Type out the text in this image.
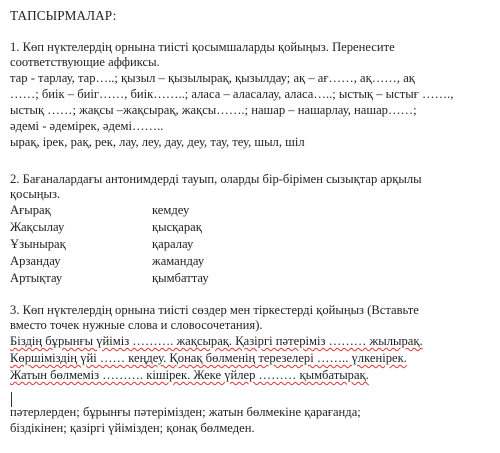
ТАПСЫРМАЛАР:
1. Көп нүктелердің орнына тиісті қосымшаларды қойыңыз. Перенесите
соответствующие аффиксы.
тар - тарлау, тар…..; қызыл – қызылырақ, қызылдау; ақ – ағ……, ақ……, ақ
……; биік – биіг……, биік……..; аласа – аласалау, аласа…..; ыстық – ыстығ …….,
ыстық ……; жақсы –жақсырақ, жақсы…….; нашар – нашарлау, нашар……;
әдемі - әдемірек, әдемі……..
ырақ, ірек, рақ, рек, лау, леу, дау, деу, тау, теу, шыл, шіл
2. Бағаналардағы антонимдерді тауып, оларды бір-бірімен сызықтар арқылы
қосыңыз.
Ағырақ	кемдеу
Жақсылау	қысқарақ
Ұзынырақ	қаралау
Арзандау	жамандау
Артықтау	қымбаттау
3. Көп нүктелердің орнына тиісті сөздер мен тіркестерді қойыңыз (Вставьте
вместо точек нужные слова и словосочетания).
Біздің бұрынғы үйіміз ………. жақсырақ. Қазіргі пәтеріміз ……… жылырақ.
Көршіміздің үйі …… кеңдеу. Қонақ бөлменің терезелері …….. үлкенірек.
Жатын бөлмеміз ………. кішірек. Жеке үйлер ……… қымбатырақ.
пәтерлерден; бұрынғы пәтерімізден; жатын бөлмекіне қарағанда;
біздікінен; қазіргі үйімізден; қонақ бөлмеден.
